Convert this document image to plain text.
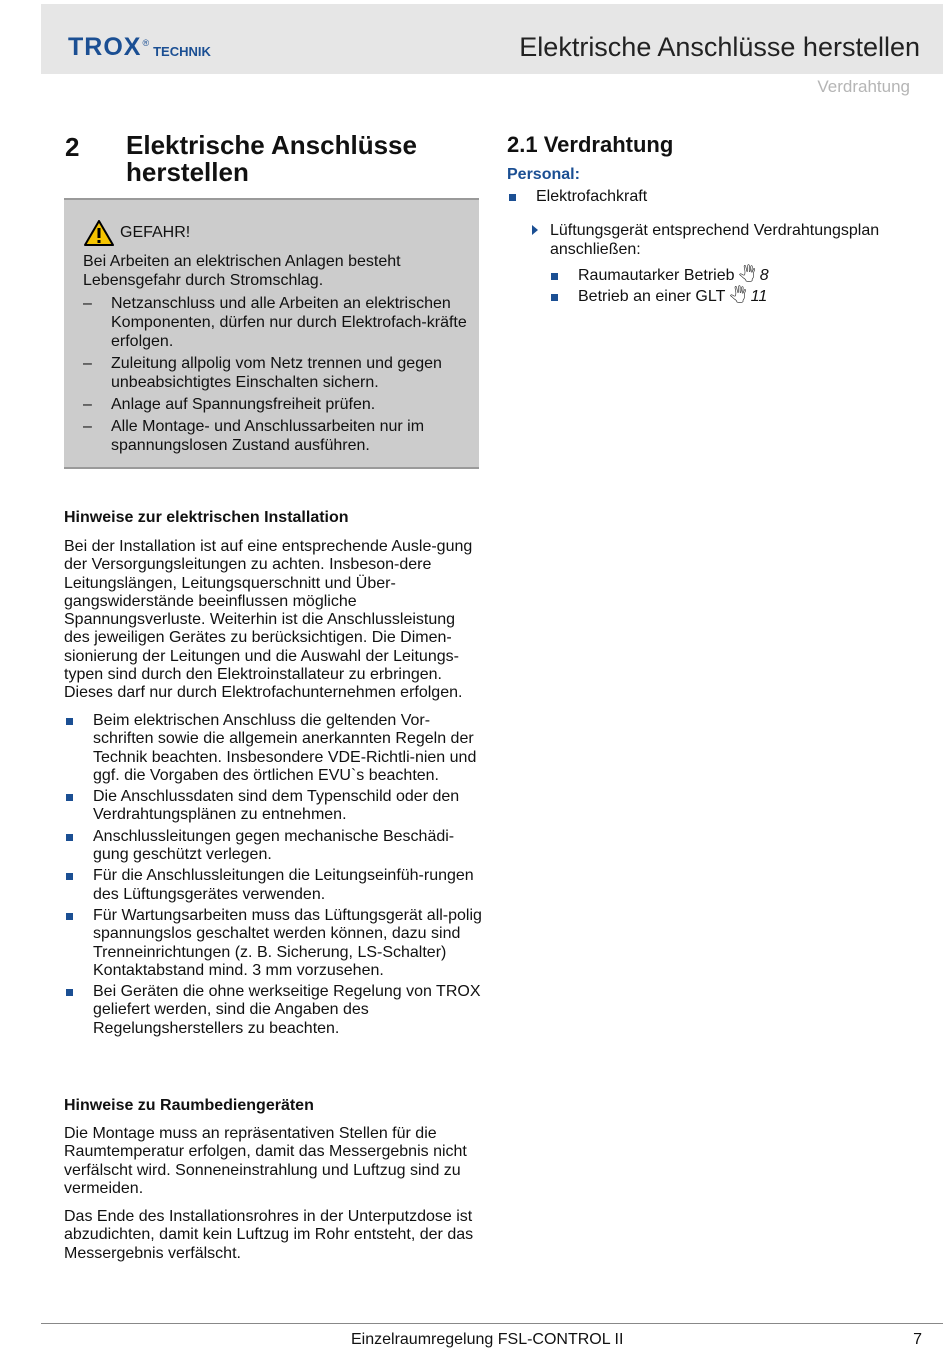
TROX ®
TECHNIK	Elektrische Anschlüsse herstellen
Verdrahtung
2 Elektrische Anschlüsse herstellen
GEFAHR!
Bei Arbeiten an elektrischen Anlagen besteht Lebensgefahr durch Stromschlag.
– Netzanschluss und alle Arbeiten an elektrischen Komponenten, dürfen nur durch Elektrofach-kräfte erfolgen.
– Zuleitung allpolig vom Netz trennen und gegen unbeabsichtigtes Einschalten sichern.
– Anlage auf Spannungsfreiheit prüfen.
– Alle Montage- und Anschlussarbeiten nur im spannungslosen Zustand ausführen.
Hinweise zur elektrischen Installation

Bei der Installation ist auf eine entsprechende Ausle-gung der Versorgungsleitungen zu achten. Insbeson-dere Leitungslängen, Leitungsquerschnitt und Über-gangswiderstände beeinflussen mögliche Spannungsverluste. Weiterhin ist die Anschlussleistung des jeweiligen Gerätes zu berücksichtigen. Die Dimen-sionierung der Leitungen und die Auswahl der Leitungs-typen sind durch den Elektroinstallateur zu erbringen. Dieses darf nur durch Elektrofachunternehmen erfolgen.

Beim elektrischen Anschluss die geltenden Vor-schriften sowie die allgemein anerkannten Regeln der Technik beachten. Insbesondere VDE-Richtli-nien und ggf. die Vorgaben des örtlichen EVU`s beachten.
Die Anschlussdaten sind dem Typenschild oder den Verdrahtungsplänen zu entnehmen.
Anschlussleitungen gegen mechanische Beschädi-gung geschützt verlegen.
Für die Anschlussleitungen die Leitungseinfüh-rungen des Lüftungsgerätes verwenden.
Für Wartungsarbeiten muss das Lüftungsgerät all-polig spannungslos geschaltet werden können, dazu sind Trenneinrichtungen (z. B. Sicherung, LS-Schalter) Kontaktabstand mind. 3 mm vorzusehen.
Bei Geräten die ohne werkseitige Regelung von TROX geliefert werden, sind die Angaben des Regelungsherstellers zu beachten.
Hinweise zu Raumbediengeräten

Die Montage muss an repräsentativen Stellen für die Raumtemperatur erfolgen, damit das Messergebnis nicht verfälscht wird. Sonneneinstrahlung und Luftzug sind zu vermeiden.

Das Ende des Installationsrohres in der Unterputzdose ist abzudichten, damit kein Luftzug im Rohr entsteht, der das Messergebnis verfälscht.

2.1 Verdrahtung
Personal:
Elektrofachkraft
Lüftungsgerät entsprechend Verdrahtungsplan anschließen:
Raumautarker Betrieb 🖑 8
Betrieb an einer GLT 🖑 11
Einzelraumregelung FSL-CONTROL II	7
